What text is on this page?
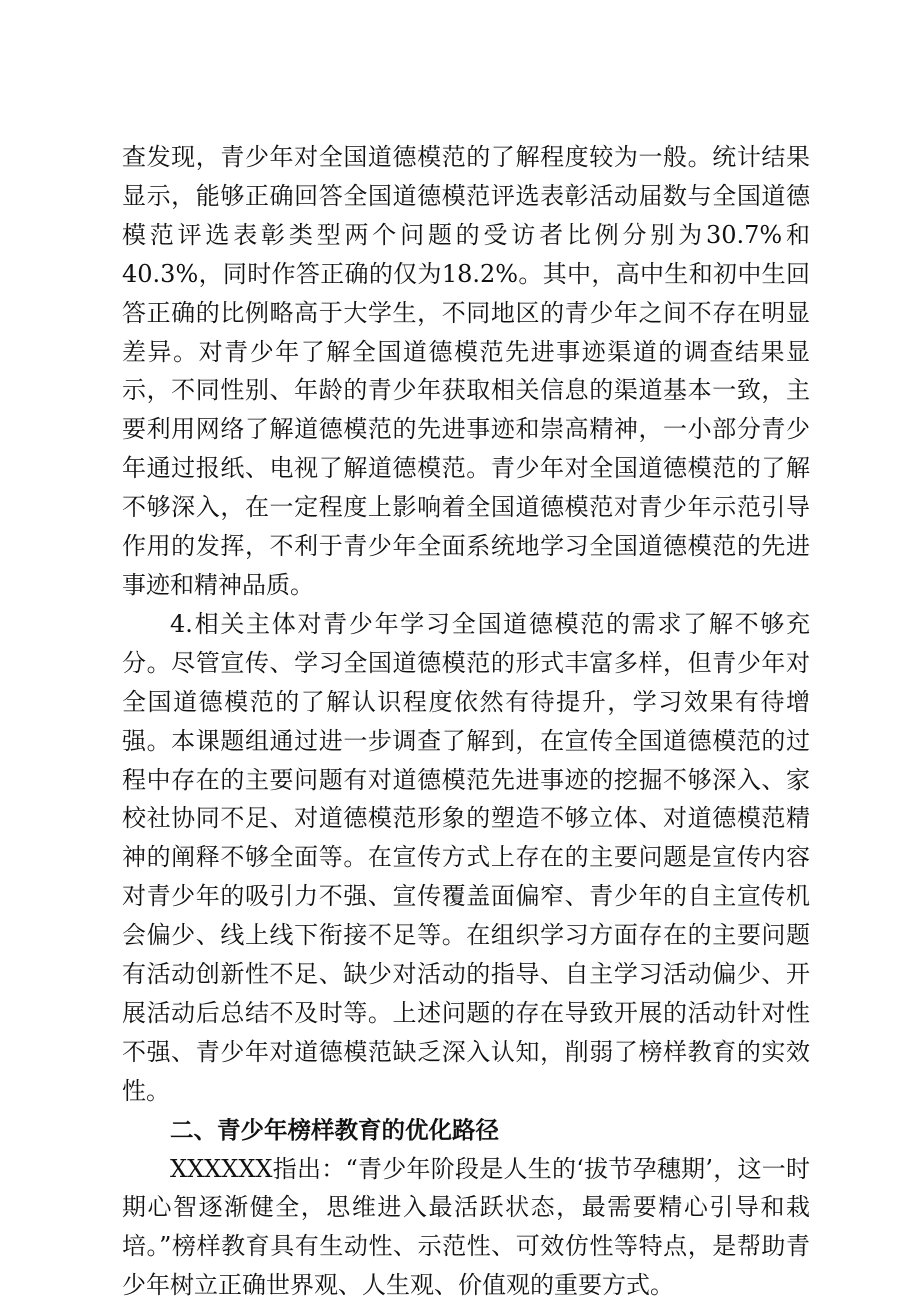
查发现，青少年对全国道德模范的了解程度较为一般。统计结果显示，能够正确回答全国道德模范评选表彰活动届数与全国道德模范评选表彰类型两个问题的受访者比例分别为30.7%和40.3%，同时作答正确的仅为18.2%。其中，高中生和初中生回答正确的比例略高于大学生，不同地区的青少年之间不存在明显差异。对青少年了解全国道德模范先进事迹渠道的调查结果显示，不同性别、年龄的青少年获取相关信息的渠道基本一致，主要利用网络了解道德模范的先进事迹和崇高精神，一小部分青少年通过报纸、电视了解道德模范。青少年对全国道德模范的了解不够深入，在一定程度上影响着全国道德模范对青少年示范引导作用的发挥，不利于青少年全面系统地学习全国道德模范的先进事迹和精神品质。

4.相关主体对青少年学习全国道德模范的需求了解不够充分。尽管宣传、学习全国道德模范的形式丰富多样，但青少年对全国道德模范的了解认识程度依然有待提升，学习效果有待增强。本课题组通过进一步调查了解到，在宣传全国道德模范的过程中存在的主要问题有对道德模范先进事迹的挖掘不够深入、家校社协同不足、对道德模范形象的塑造不够立体、对道德模范精神的阐释不够全面等。在宣传方式上存在的主要问题是宣传内容对青少年的吸引力不强、宣传覆盖面偏窄、青少年的自主宣传机会偏少、线上线下衔接不足等。在组织学习方面存在的主要问题有活动创新性不足、缺少对活动的指导、自主学习活动偏少、开展活动后总结不及时等。上述问题的存在导致开展的活动针对性不强、青少年对道德模范缺乏深入认知，削弱了榜样教育的实效性。

二、青少年榜样教育的优化路径

XXXXXX指出：“青少年阶段是人生的‘拔节孕穗期’，这一时期心智逐渐健全，思维进入最活跃状态，最需要精心引导和栽培。”榜样教育具有生动性、示范性、可效仿性等特点，是帮助青少年树立正确世界观、人生观、价值观的重要方式。
